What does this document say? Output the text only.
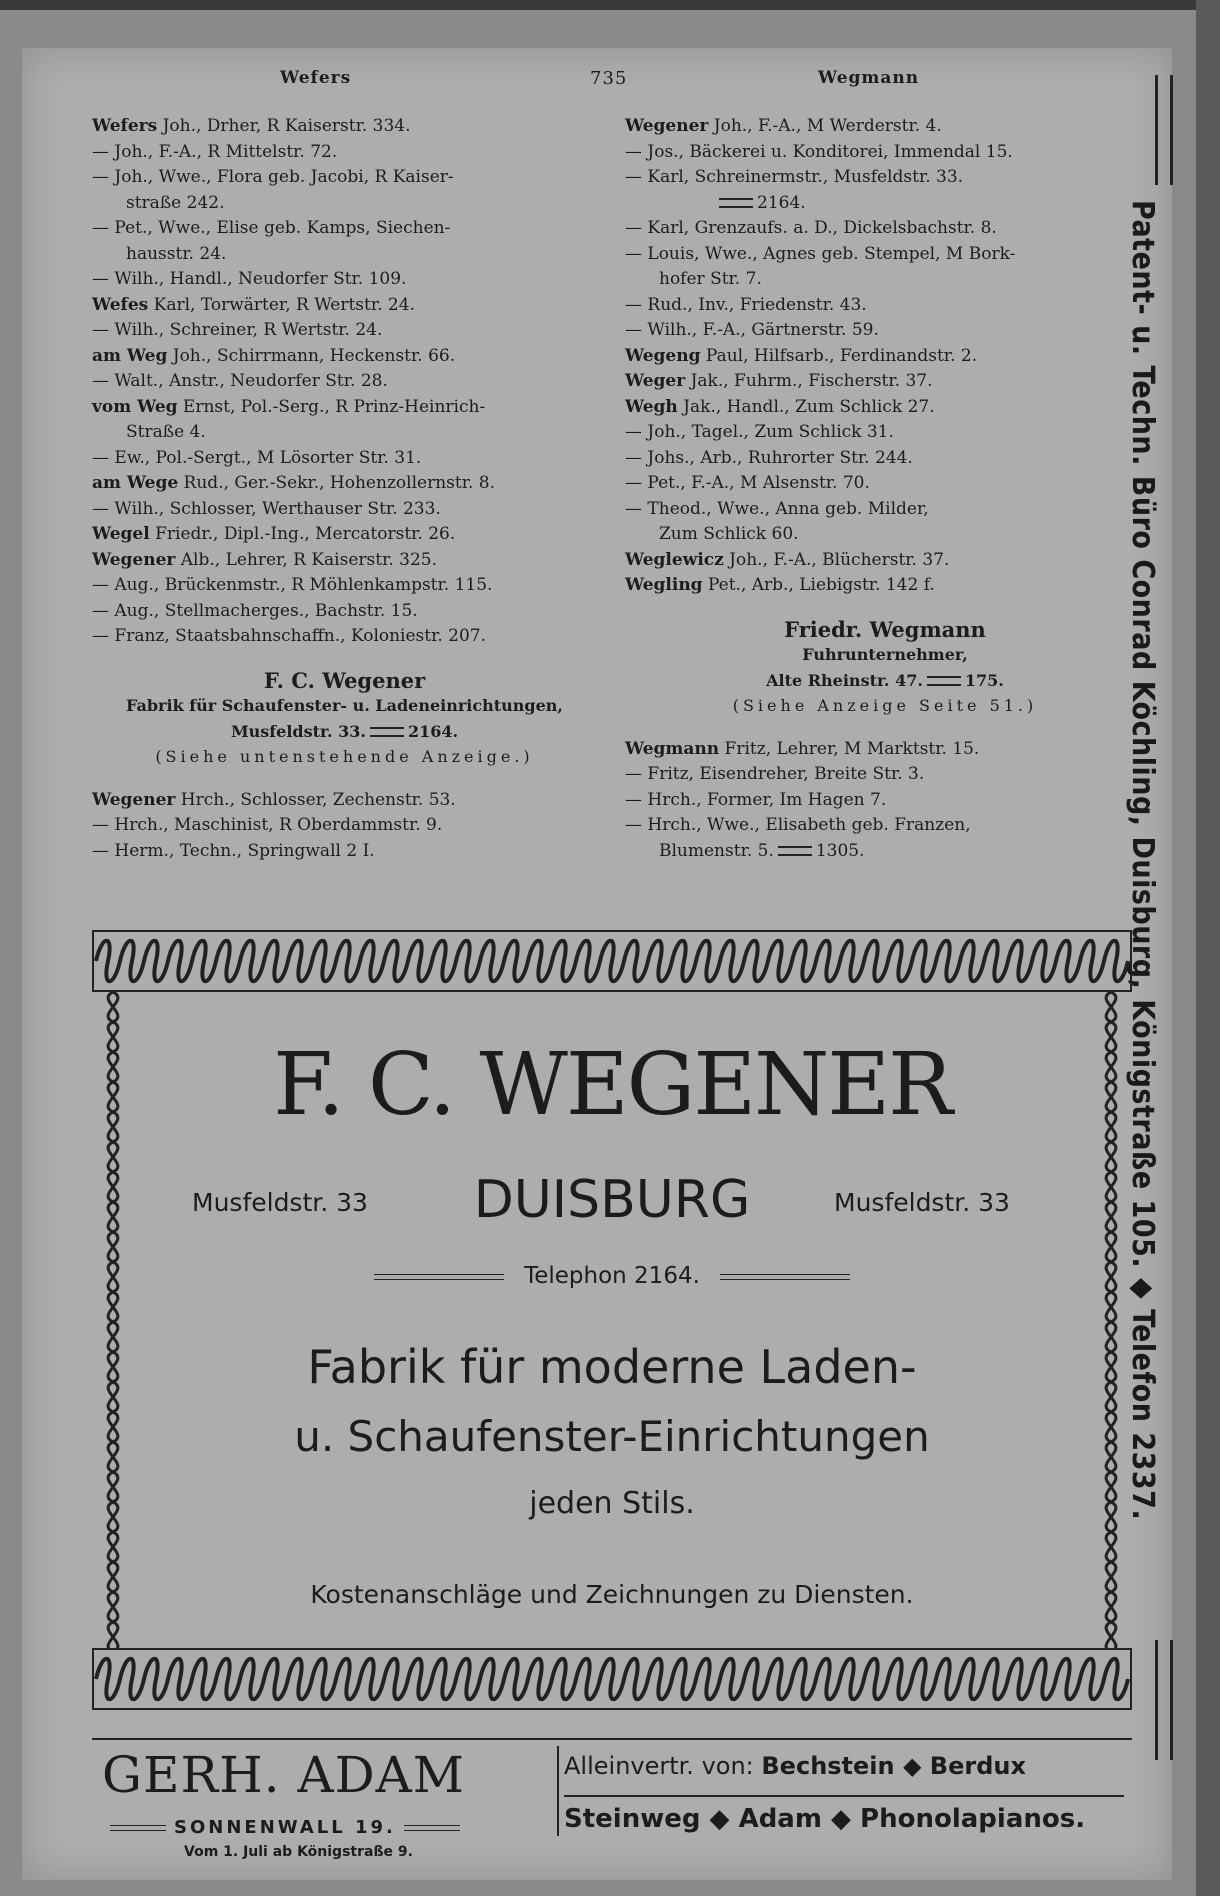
Wefers	735	Wegmann
Wefers Joh., Drher, R Kaiserstr. 334.
— Joh., F.-A., R Mittelstr. 72.
— Joh., Wwe., Flora geb. Jacobi, R Kaiser-
straße 242.
— Pet., Wwe., Elise geb. Kamps, Siechen-
hausstr. 24.
— Wilh., Handl., Neudorfer Str. 109.
Wefes Karl, Torwärter, R Wertstr. 24.
— Wilh., Schreiner, R Wertstr. 24.
am Weg Joh., Schirrmann, Heckenstr. 66.
— Walt., Anstr., Neudorfer Str. 28.
vom Weg Ernst, Pol.-Serg., R Prinz-Heinrich-
Straße 4.
— Ew., Pol.-Sergt., M Lösorter Str. 31.
am Wege Rud., Ger.-Sekr., Hohenzollernstr. 8.
— Wilh., Schlosser, Werthauser Str. 233.
Wegel Friedr., Dipl.-Ing., Mercatorstr. 26.
Wegener Alb., Lehrer, R Kaiserstr. 325.
— Aug., Brückenmstr., R Möhlenkampstr. 115.
— Aug., Stellmacherges., Bachstr. 15.
— Franz, Staatsbahnschaffn., Koloniestr. 207.
F. C. Wegener
Fabrik für Schaufenster- u. Ladeneinrichtungen,
Musfeldstr. 33.	2164.
(Siehe untenstehende Anzeige.)
Wegener Hrch., Schlosser, Zechenstr. 53.
— Hrch., Maschinist, R Oberdammstr. 9.
— Herm., Techn., Springwall 2 I.
Wegener Joh., F.-A., M Werderstr. 4.
— Jos., Bäckerei u. Konditorei, Immendal 15.
— Karl, Schreinermstr., Musfeldstr. 33.
2164.
— Karl, Grenzaufs. a. D., Dickelsbachstr. 8.
— Louis, Wwe., Agnes geb. Stempel, M Bork-
hofer Str. 7.
— Rud., Inv., Friedenstr. 43.
— Wilh., F.-A., Gärtnerstr. 59.
Wegeng Paul, Hilfsarb., Ferdinandstr. 2.
Weger Jak., Fuhrm., Fischerstr. 37.
Wegh Jak., Handl., Zum Schlick 27.
— Joh., Tagel., Zum Schlick 31.
— Johs., Arb., Ruhrorter Str. 244.
— Pet., F.-A., M Alsenstr. 70.
— Theod., Wwe., Anna geb. Milder,
Zum Schlick 60.
Weglewicz Joh., F.-A., Blücherstr. 37.
Wegling Pet., Arb., Liebigstr. 142 f.
Friedr. Wegmann
Fuhrunternehmer,
Alte Rheinstr. 47.	175.
(Siehe Anzeige Seite 51.)
Wegmann Fritz, Lehrer, M Marktstr. 15.
— Fritz, Eisendreher, Breite Str. 3.
— Hrch., Former, Im Hagen 7.
— Hrch., Wwe., Elisabeth geb. Franzen,
Blumenstr. 5. 1305.	Patent- u. Techn. Büro Conrad Köchling, Duisburg, Königstraße 105. ◆ Telefon 2337.
F. C. WEGENER
Musfeldstr. 33	DUISBURG	Musfeldstr. 33
Telephon 2164.
Fabrik für moderne Laden-
u. Schaufenster-Einrichtungen
jeden Stils.
Kostenanschläge und Zeichnungen zu Diensten.
GERH. ADAM
SONNENWALL 19.
Vom 1. Juli ab Königstraße 9.
Alleinvertr. von: Bechstein ◆ Berdux
Steinweg ◆ Adam ◆ Phonolapianos.
